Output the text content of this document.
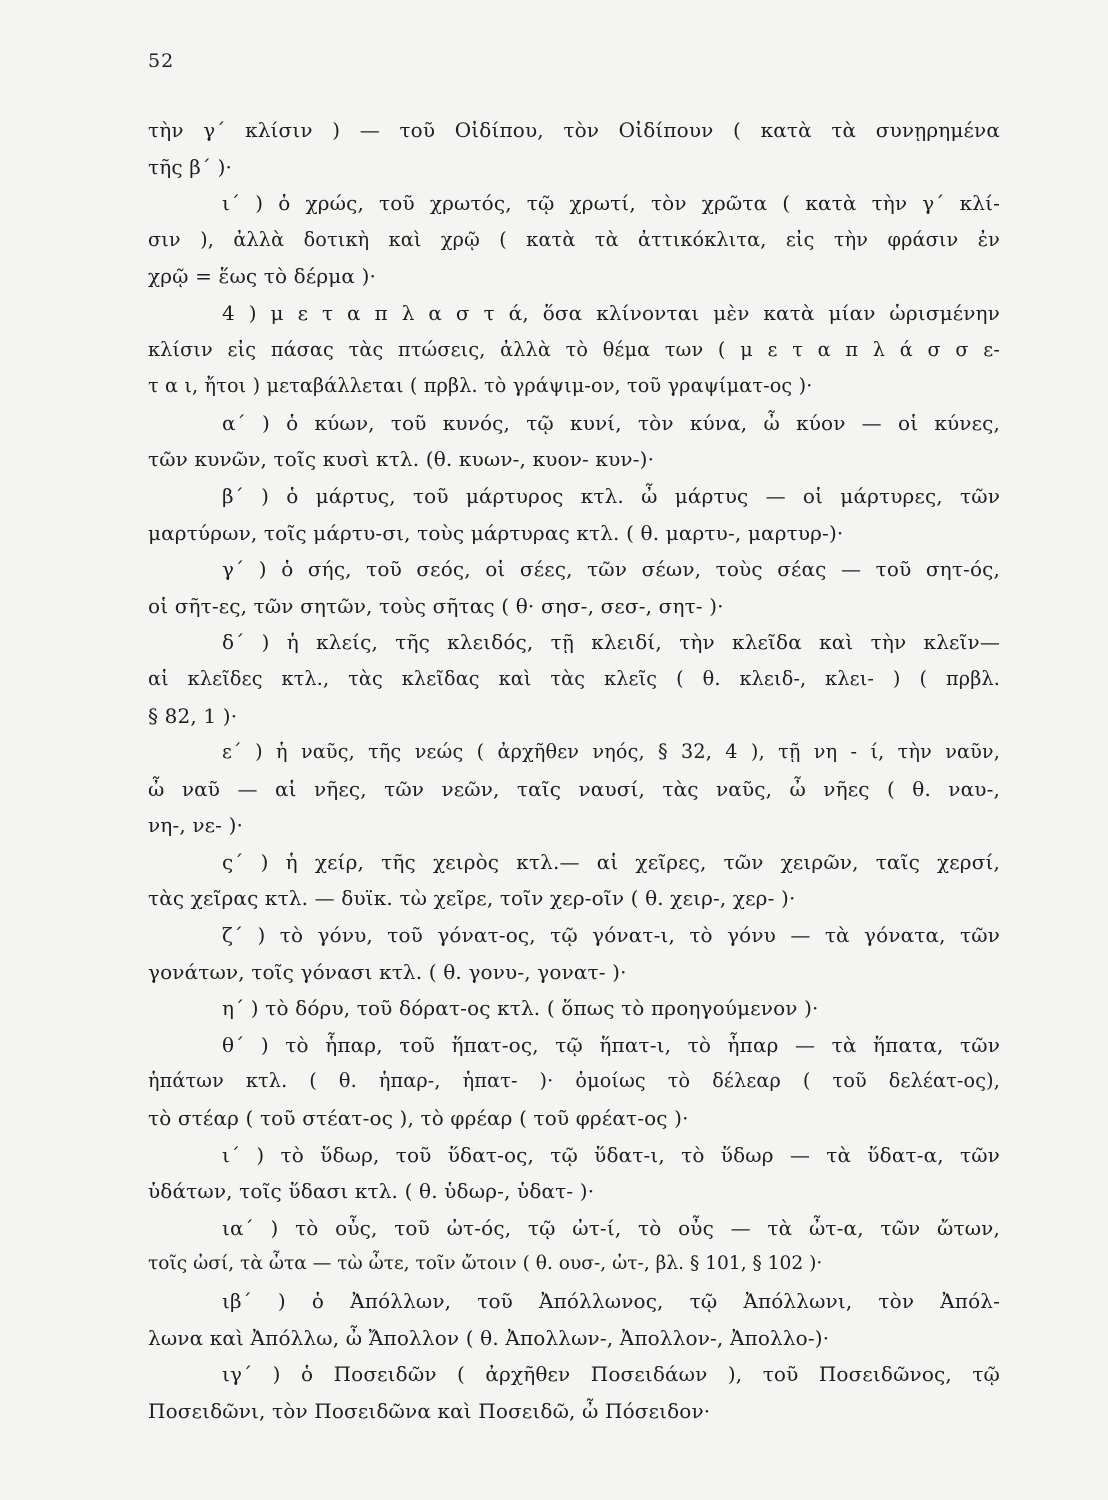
52
τὴν γ΄ κλίσιν ) — τοῦ Οἰδίπου, τὸν Οἰδίπουν ( κατὰ τὰ συνῃρημένα
τῆς β΄ )·
ι΄ ) ὁ χρώς, τοῦ χρωτός, τῷ χρωτί, τὸν χρῶτα ( κατὰ τὴν γ΄ κλί-
σιν ), ἀλλὰ δοτικὴ καὶ χρῷ ( κατὰ τὰ ἀττικόκλιτα, εἰς τὴν φράσιν ἐν
χρῷ = ἕως τὸ δέρμα )·
4 ) μ ε τ α π λ α σ τ ά, ὅσα κλίνονται μὲν κατὰ μίαν ὡρισμένην
κλίσιν εἰς πάσας τὰς πτώσεις, ἀλλὰ τὸ θέμα των ( μ ε τ α π λ ά σ σ ε-
τ α ι, ἤτοι ) μεταβάλλεται ( πρβλ. τὸ γράψιμ-ον, τοῦ γραψίματ-ος )·
α΄ ) ὁ κύων, τοῦ κυνός, τῷ κυνί, τὸν κύνα, ὦ κύον — οἱ κύνες,
τῶν κυνῶν, τοῖς κυσὶ κτλ. (θ. κυων-, κυον- κυν-)·
β΄ ) ὁ μάρτυς, τοῦ μάρτυρος κτλ. ὦ μάρτυς — οἱ μάρτυρες, τῶν
μαρτύρων, τοῖς μάρτυ-σι, τοὺς μάρτυρας κτλ. ( θ. μαρτυ-, μαρτυρ-)·
γ΄ ) ὁ σής, τοῦ σεός, οἱ σέες, τῶν σέων, τοὺς σέας — τοῦ σητ-ός,
οἱ σῆτ-ες, τῶν σητῶν, τοὺς σῆτας ( θ· σησ-, σεσ-, σητ- )·
δ΄ ) ἡ κλείς, τῆς κλειδός, τῇ κλειδί, τὴν κλεῖδα καὶ τὴν κλεῖν—
αἱ κλεῖδες κτλ., τὰς κλεῖδας καὶ τὰς κλεῖς ( θ. κλειδ-, κλει- ) ( πρβλ.
§ 82, 1 )·
ε΄ ) ἡ ναῦς, τῆς νεώς ( ἀρχῆθεν νηός, § 32, 4 ), τῇ νη - ί, τὴν ναῦν,
ὦ ναῦ — αἱ νῆες, τῶν νεῶν, ταῖς ναυσί, τὰς ναῦς, ὦ νῆες ( θ. ναυ-,
νη-, νε- )·
ς΄ ) ἡ χείρ, τῆς χειρὸς κτλ.— αἱ χεῖρες, τῶν χειρῶν, ταῖς χερσί,
τὰς χεῖρας κτλ. — δυϊκ. τὼ χεῖρε, τοῖν χερ-οῖν ( θ. χειρ-, χερ- )·
ζ΄ ) τὸ γόνυ, τοῦ γόνατ-ος, τῷ γόνατ-ι, τὸ γόνυ — τὰ γόνατα, τῶν
γονάτων, τοῖς γόνασι κτλ. ( θ. γονυ-, γονατ- )·
η΄ ) τὸ δόρυ, τοῦ δόρατ-ος κτλ. ( ὅπως τὸ προηγούμενον )·
θ΄ ) τὸ ἧπαρ, τοῦ ἥπατ-ος, τῷ ἥπατ-ι, τὸ ἧπαρ — τὰ ἥπατα, τῶν
ἡπάτων κτλ. ( θ. ἡπαρ-, ἡπατ- )· ὁμοίως τὸ δέλεαρ ( τοῦ δελέατ-ος),
τὸ στέαρ ( τοῦ στέατ-ος ), τὸ φρέαρ ( τοῦ φρέατ-ος )·
ι΄ ) τὸ ὕδωρ, τοῦ ὕδατ-ος, τῷ ὕδατ-ι, τὸ ὕδωρ — τὰ ὕδατ-α, τῶν
ὑδάτων, τοῖς ὕδασι κτλ. ( θ. ὑδωρ-, ὑδατ- )·
ια΄ ) τὸ οὖς, τοῦ ὠτ-ός, τῷ ὠτ-ί, τὸ οὖς — τὰ ὦτ-α, τῶν ὤτων,
τοῖς ὠσί, τὰ ὦτα — τὼ ὦτε, τοῖν ὤτοιν ( θ. ουσ-, ὠτ-, βλ. § 101, § 102 )·
ιβ΄ ) ὁ Ἀπόλλων, τοῦ Ἀπόλλωνος, τῷ Ἀπόλλωνι, τὸν Ἀπόλ-
λωνα καὶ Ἀπόλλω, ὦ Ἄπολλον ( θ. Ἀπολλων-, Ἀπολλον-, Ἀπολλο-)·
ιγ΄ ) ὁ Ποσειδῶν ( ἀρχῆθεν Ποσειδάων ), τοῦ Ποσειδῶνος, τῷ
Ποσειδῶνι, τὸν Ποσειδῶνα καὶ Ποσειδῶ, ὦ Πόσειδον·
